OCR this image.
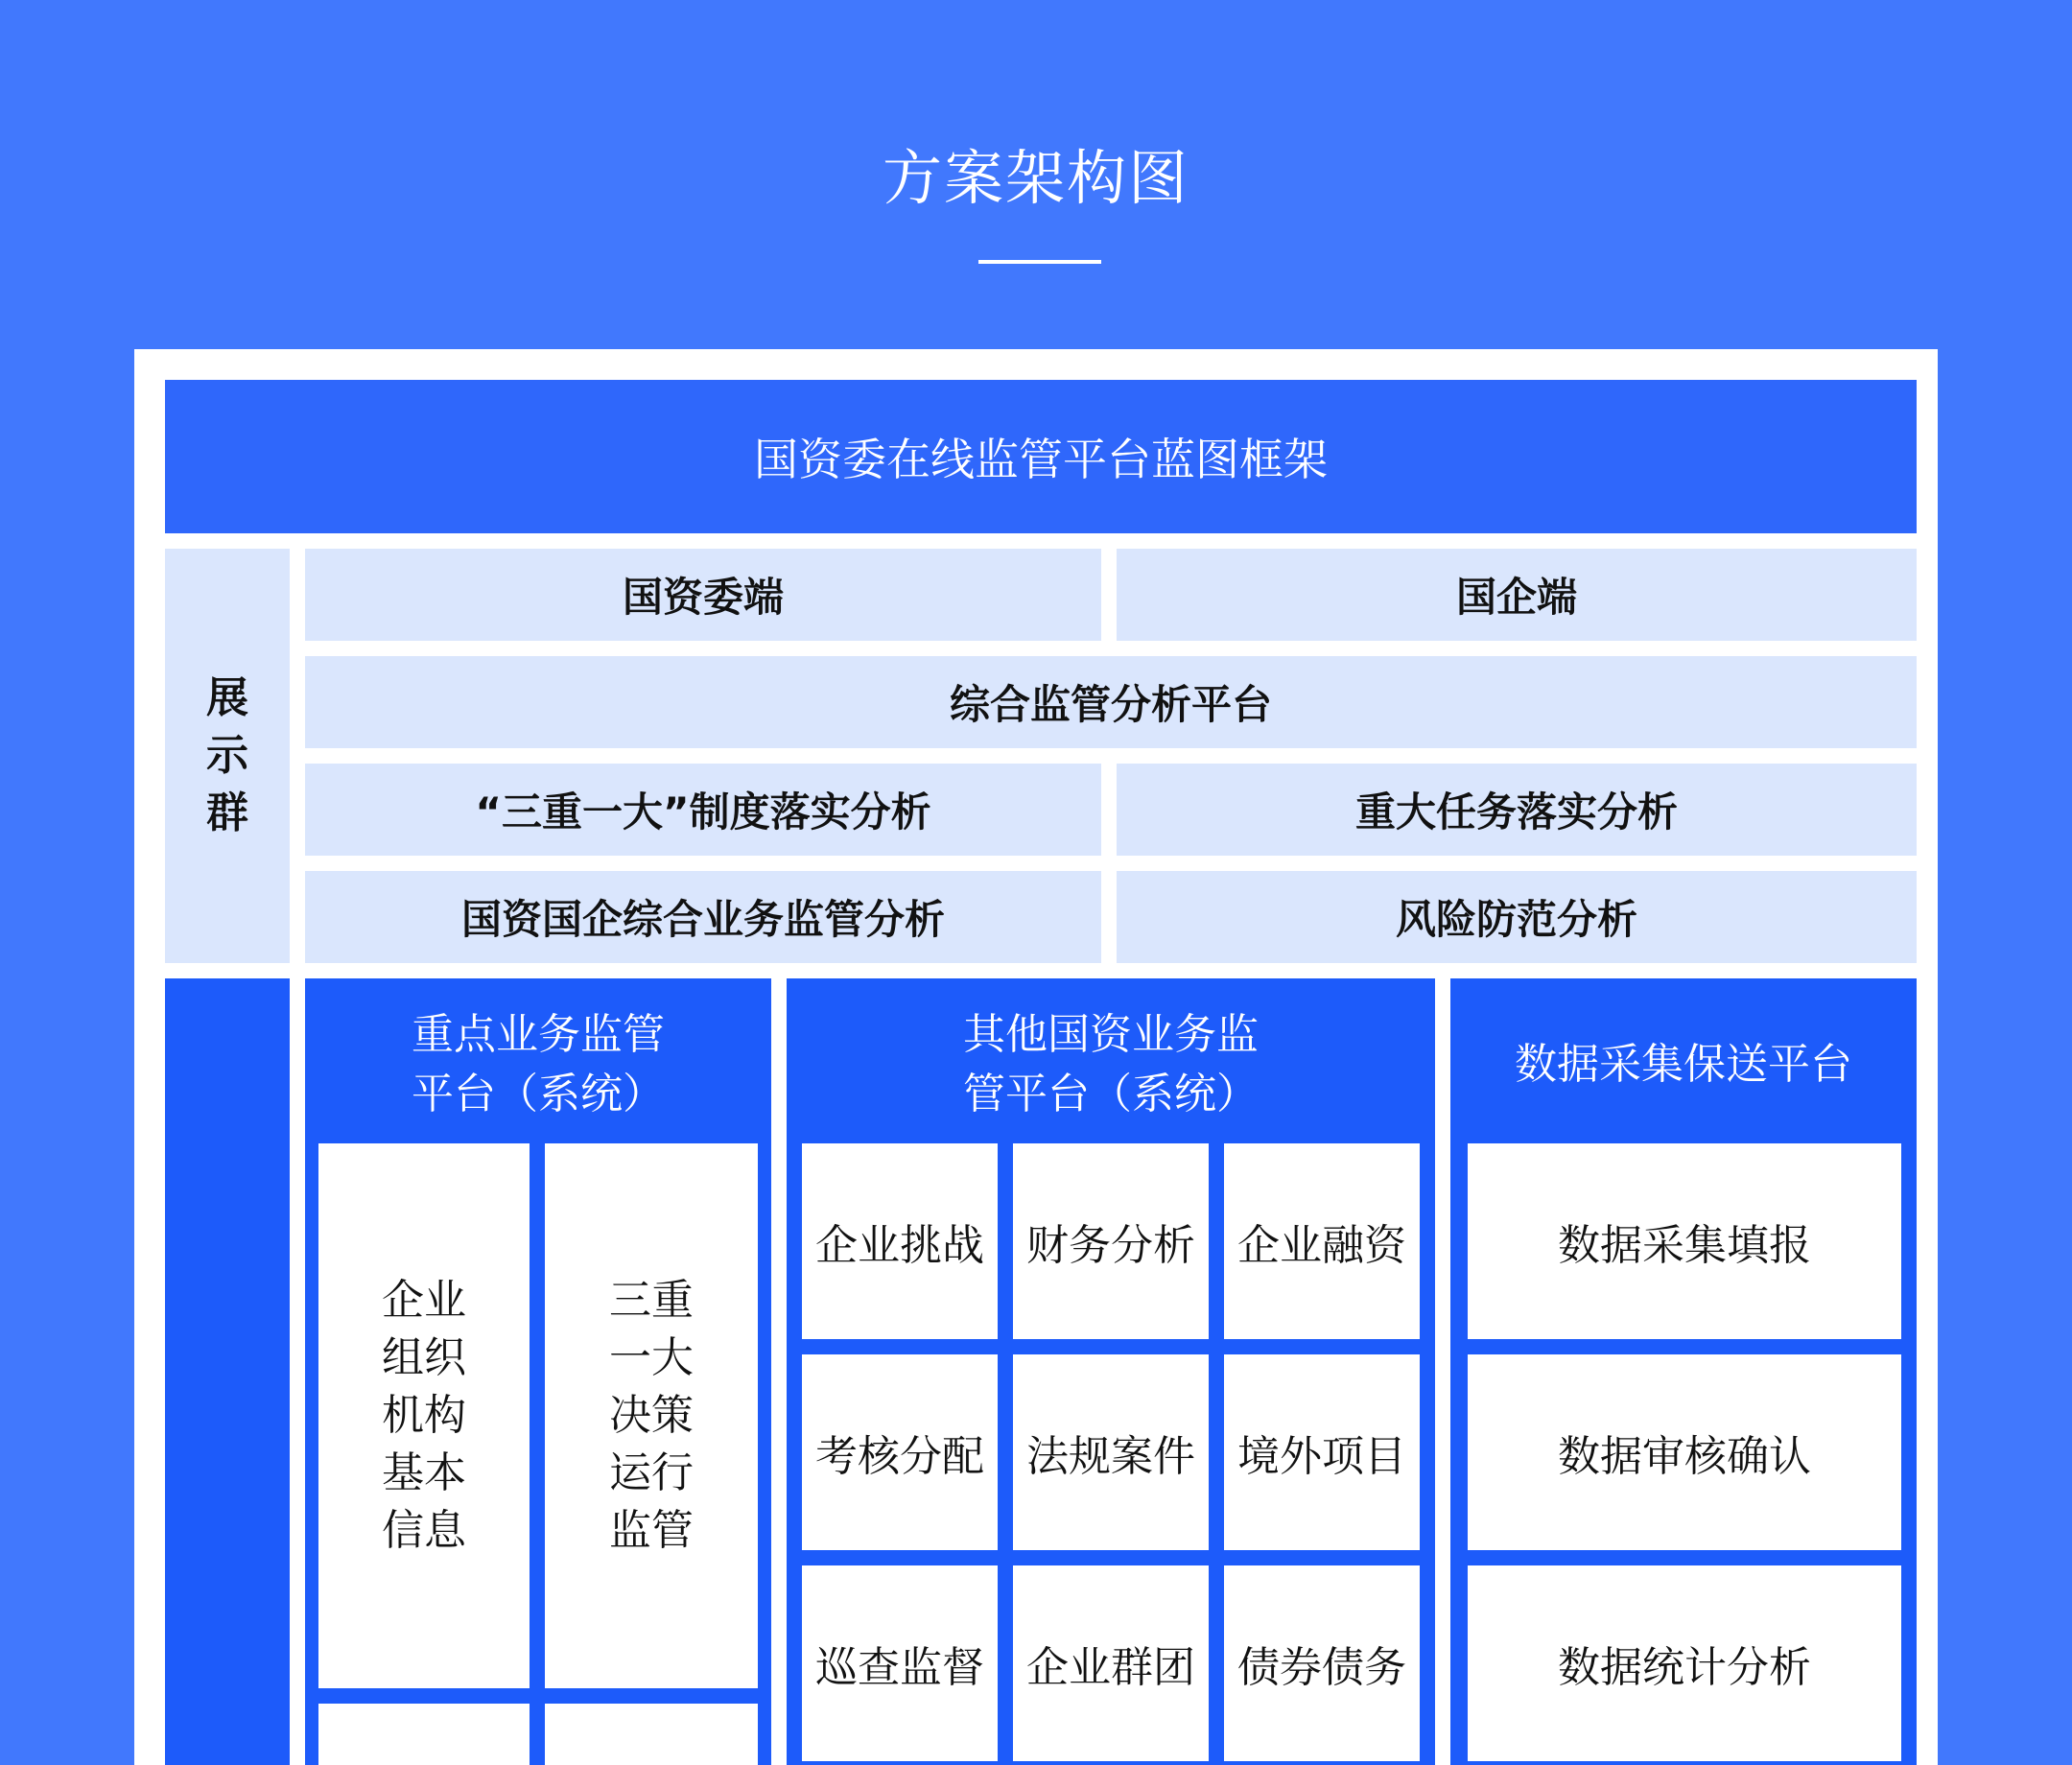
方案架构图
国资委在线监管平台蓝图框架
展
示
群
国资委端	国企端
综合监管分析平台
“三重一大”制度落实分析	重大任务落实分析
国资国企综合业务监管分析	风险防范分析
重点业务监管
平台（系统）
企业
组织
机构
基本
信息
三重
一大
决策
运行
监管
其他国资业务监
管平台（系统）
企业挑战	财务分析	企业融资
考核分配	法规案件	境外项目
巡查监督	企业群团	债券债务
数据采集保送平台
数据采集填报
数据审核确认
数据统计分析
